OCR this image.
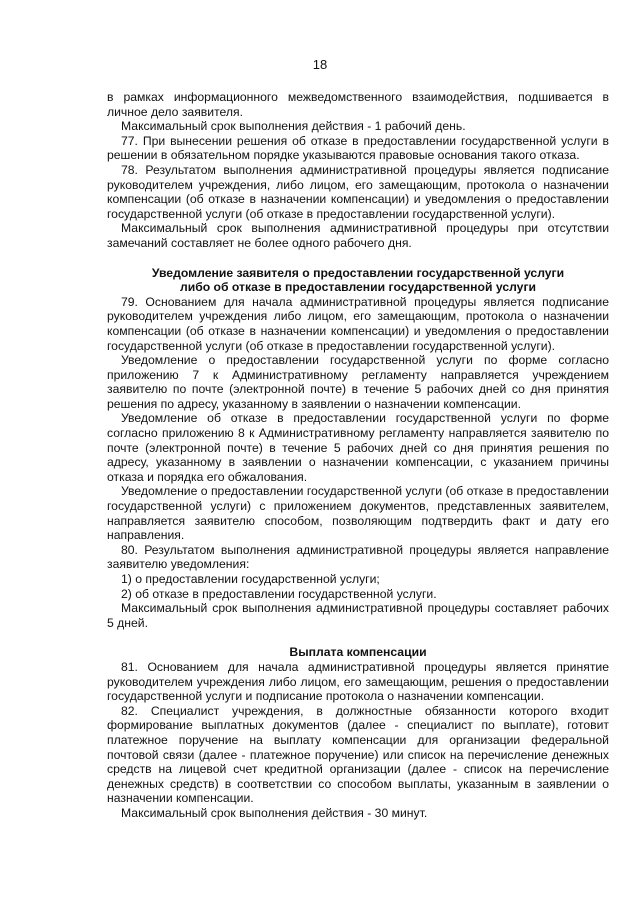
18

в рамках информационного межведомственного взаимодействия, подшивается в личное дело заявителя.

Максимальный срок выполнения действия - 1 рабочий день.

77. При вынесении решения об отказе в предоставлении государственной услуги в решении в обязательном порядке указываются правовые основания такого отказа.

78. Результатом выполнения административной процедуры является подписание руководителем учреждения, либо лицом, его замещающим, протокола о назначении компенсации (об отказе в назначении компенсации) и уведомления о предоставлении государственной услуги (об отказе в предоставлении государственной услуги).

Максимальный срок выполнения административной процедуры при отсутствии замечаний составляет не более одного рабочего дня.

Уведомление заявителя о предоставлении государственной услуги
либо об отказе в предоставлении государственной услуги

79. Основанием для начала административной процедуры является подписание руководителем учреждения либо лицом, его замещающим, протокола о назначении компенсации (об отказе в назначении компенсации) и уведомления о предоставлении государственной услуги (об отказе в предоставлении государственной услуги).

Уведомление о предоставлении государственной услуги по форме согласно приложению 7 к Административному регламенту направляется учреждением заявителю по почте (электронной почте) в течение 5 рабочих дней со дня принятия решения по адресу, указанному в заявлении о назначении компенсации.

Уведомление об отказе в предоставлении государственной услуги по форме согласно приложению 8 к Административному регламенту направляется заявителю по почте (электронной почте) в течение 5 рабочих дней со дня принятия решения по адресу, указанному в заявлении о назначении компенсации, с указанием причины отказа и порядка его обжалования.

Уведомление о предоставлении государственной услуги (об отказе в предоставлении государственной услуги) с приложением документов, представленных заявителем, направляется заявителю способом, позволяющим подтвердить факт и дату его направления.

80. Результатом выполнения административной процедуры является направление заявителю уведомления:

1) о предоставлении государственной услуги;

2) об отказе в предоставлении государственной услуги.

Максимальный срок выполнения административной процедуры составляет рабочих 5 дней.

Выплата компенсации

81. Основанием для начала административной процедуры является принятие руководителем учреждения либо лицом, его замещающим, решения о предоставлении государственной услуги и подписание протокола о назначении компенсации.

82. Специалист учреждения, в должностные обязанности которого входит формирование выплатных документов (далее - специалист по выплате), готовит платежное поручение на выплату компенсации для организации федеральной почтовой связи (далее - платежное поручение) или список на перечисление денежных средств на лицевой счет кредитной организации (далее - список на перечисление денежных средств) в соответствии со способом выплаты, указанным в заявлении о назначении компенсации.

Максимальный срок выполнения действия - 30 минут.
